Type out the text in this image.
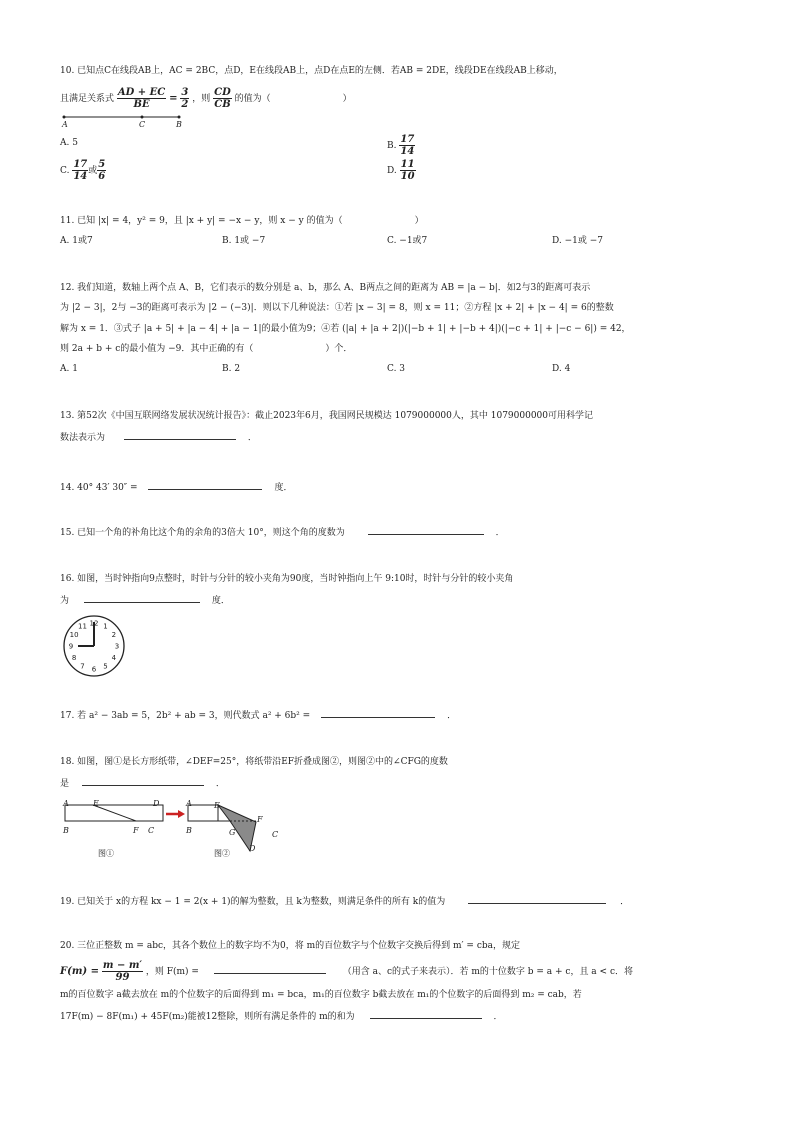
10. 已知点C在线段AB上，AC = 2BC，点D，E在线段AB上，点D在点E的左侧．若AB = 2DE，线段DE在线段AB上移动，
且满足关系式 $\frac{AD + EC}{BE} = \frac{3}{2}$ ，则 $\frac{CD}{CB}$ 的值为（　　　　　　　　）
A	C	B
A. 5	B. $\frac{17}{14}$
C. $\frac{17}{14}$ 或 $\frac{5}{6}$	D. $\frac{11}{10}$
11. 已知 |x| = 4，y² = 9，且 |x + y| = −x − y，则 x − y 的值为（　　　　　　　　）
A. 1或7	B. 1或 −7	C. −1或7	D. −1或 −7
12. 我们知道，数轴上两个点 A、B，它们表示的数分别是 a、b，那么 A、B两点之间的距离为 AB = |a − b|．如2与3的距离可表示
为 |2 − 3|，2与 −3的距离可表示为 |2 − (−3)|．则以下几种说法：①若 |x − 3| = 8，则 x = 11；②方程 |x + 2| + |x − 4| = 6的整数
解为 x = 1．③式子 |a + 5| + |a − 4| + |a − 1|的最小值为9；④若 (|a| + |a + 2|)(|−b + 1| + |−b + 4|)(|−c + 1| + |−c − 6|) = 42，
则 2a + b + c的最小值为 −9．其中正确的有（　　　　　　　　）个．
A. 1	B. 2	C. 3	D. 4
13. 第52次《中国互联网络发展状况统计报告》：截止2023年6月，我国网民规模达 1079000000人，其中 1079000000可用科学记
数法表示为	．
14. 40° 43′ 30″ =	度．
15. 已知一个角的补角比这个角的余角的3倍大 10°，则这个角的度数为	．
16. 如图，当时钟指向9点整时，时针与分针的较小夹角为90度，当时钟指向上午 9:10时，时针与分针的较小夹角
为	度．
12 1
2
3
4
5
6
7
8
9
10
11
17. 若 a² − 3ab = 5，2b² + ab = 3，则代数式 a² + 6b² =	．
18. 如图，图①是长方形纸带，∠DEF=25°，将纸带沿EF折叠成图②，则图②中的∠CFG的度数
是	．
A	E	D
B	F C
A	E
F
B	G	C
D
图①	图②
19. 已知关于 x的方程 kx − 1 = 2(x + 1)的解为整数，且 k为整数，则满足条件的所有 k的值为	．
20. 三位正整数 m = abc，其各个数位上的数字均不为0，将 m的百位数字与个位数字交换后得到 m′ = cba，规定
$F(m) = \frac{m - m'}{99}$ ，则 F(m) =	（用含 a、c的式子来表示）．若 m的十位数字 b = a + c，且 a < c．将
m的百位数字 a截去放在 m的个位数字的后面得到 m₁ = bca，m₁的百位数字 b截去放在 m₁的个位数字的后面得到 m₂ = cab，若
17F(m) − 8F(m₁) + 45F(m₂)能被12整除，则所有满足条件的 m的和为	．
